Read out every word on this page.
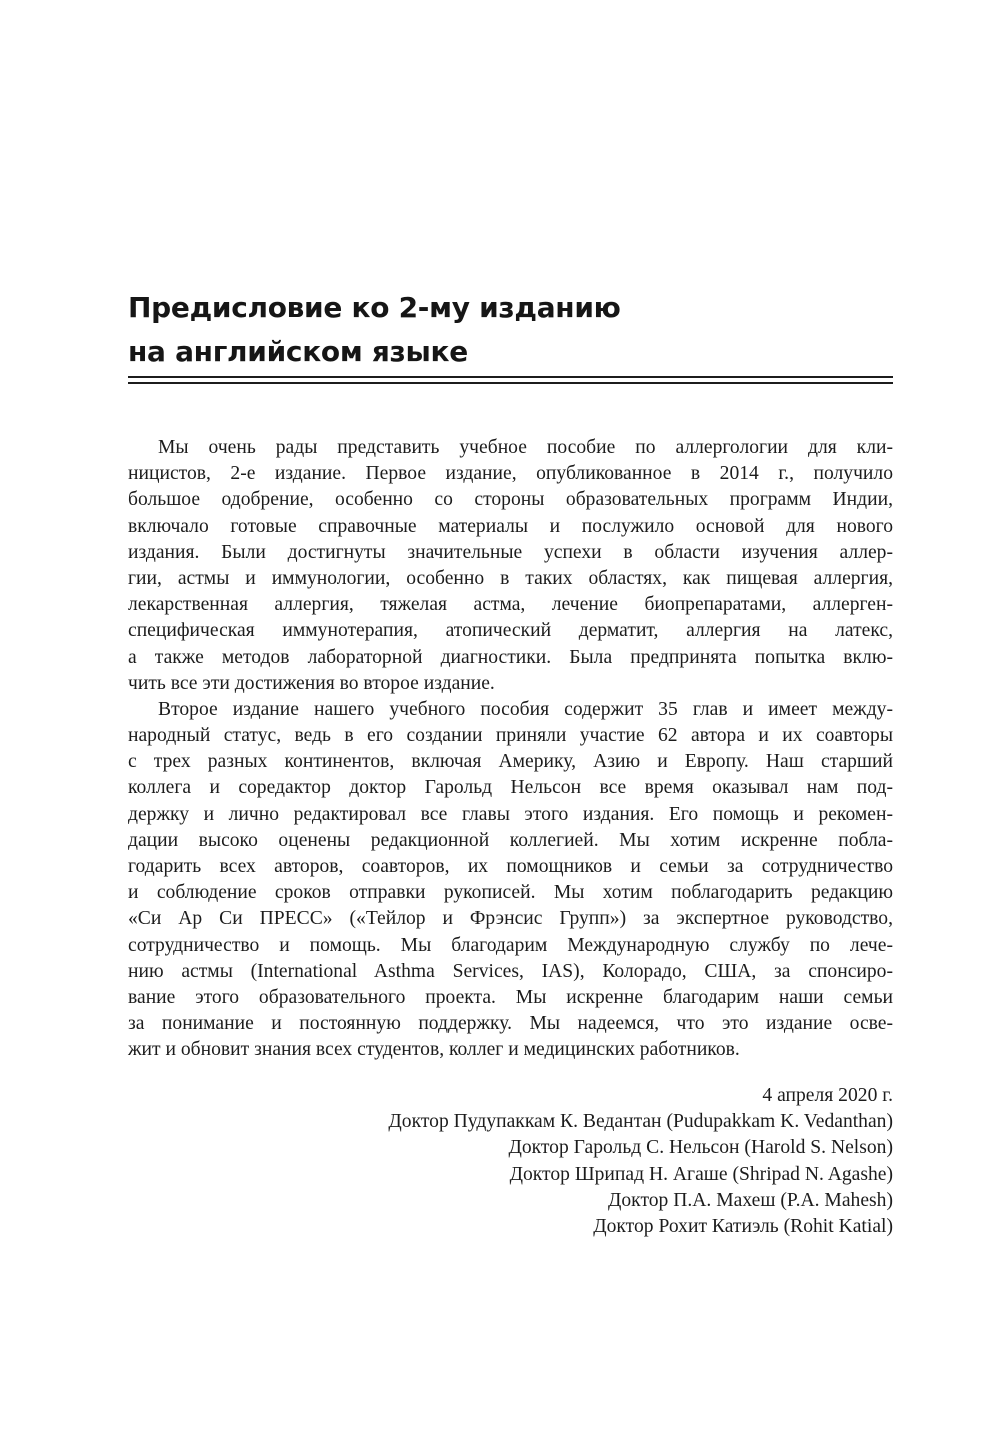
Предисловие ко 2-му изданию
на английском языке
Мы очень рады представить учебное пособие по аллергологии для кли-
ницистов, 2-е издание. Первое издание, опубликованное в 2014 г., получило
большое одобрение, особенно со стороны образовательных программ Индии,
включало готовые справочные материалы и послужило основой для нового
издания. Были достигнуты значительные успехи в области изучения аллер-
гии, астмы и иммунологии, особенно в таких областях, как пищевая аллергия,
лекарственная аллергия, тяжелая астма, лечение биопрепаратами, аллерген-
специфическая иммунотерапия, атопический дерматит, аллергия на латекс,
а также методов лабораторной диагностики. Была предпринята попытка вклю-
чить все эти достижения во второе издание.
Второе издание нашего учебного пособия содержит 35 глав и имеет между-
народный статус, ведь в его создании приняли участие 62 автора и их соавторы
с трех разных континентов, включая Америку, Азию и Европу. Наш старший
коллега и соредактор доктор Гарольд Нельсон все время оказывал нам под-
держку и лично редактировал все главы этого издания. Его помощь и рекомен-
дации высоко оценены редакционной коллегией. Мы хотим искренне побла-
годарить всех авторов, соавторов, их помощников и семьи за сотрудничество
и соблюдение сроков отправки рукописей. Мы хотим поблагодарить редакцию
«Си Ар Си ПРЕСС» («Тейлор и Фрэнсис Групп») за экспертное руководство,
сотрудничество и помощь. Мы благодарим Международную службу по лече-
нию астмы (International Asthma Services, IAS), Колорадо, США, за спонсиро-
вание этого образовательного проекта. Мы искренне благодарим наши семьи
за понимание и постоянную поддержку. Мы надеемся, что это издание осве-
жит и обновит знания всех студентов, коллег и медицинских работников.
4 апреля 2020 г.
Доктор Пудупаккам К. Ведантан (Pudupakkam K. Vedanthan)
Доктор Гарольд С. Нельсон (Harold S. Nelson)
Доктор Шрипад Н. Агаше (Shripad N. Agashe)
Доктор П.А. Махеш (P.A. Mahesh)
Доктор Рохит Катиэль (Rohit Katial)
